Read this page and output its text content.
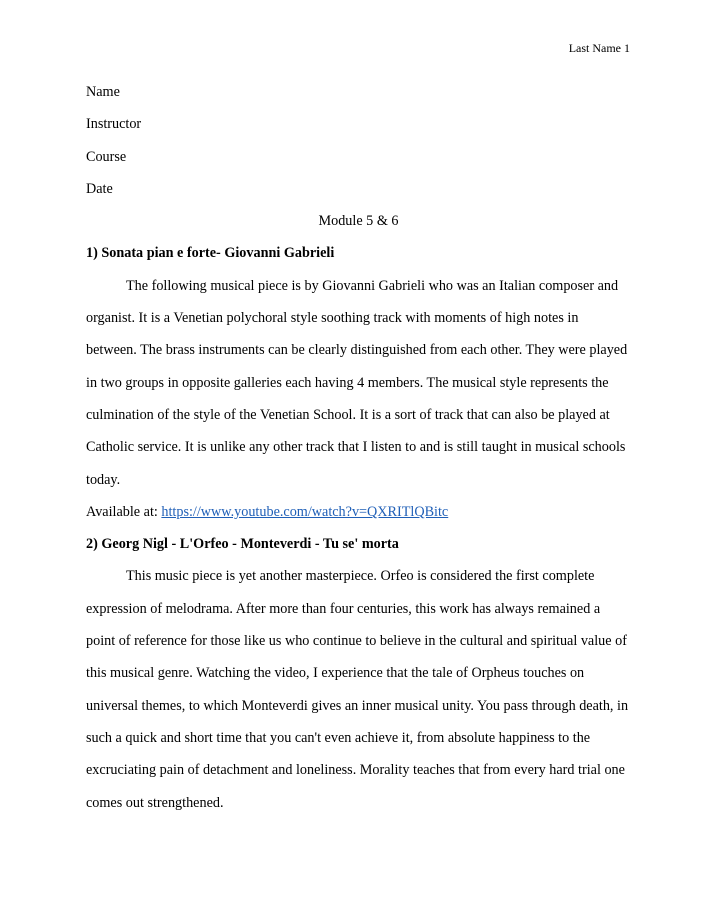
Last Name 1

Name

Instructor

Course

Date

Module 5 & 6

1) Sonata pian e forte- Giovanni Gabrieli

The following musical piece is by Giovanni Gabrieli who was an Italian composer and organist. It is a Venetian polychoral style soothing track with moments of high notes in between. The brass instruments can be clearly distinguished from each other. They were played in two groups in opposite galleries each having 4 members. The musical style represents the culmination of the style of the Venetian School. It is a sort of track that can also be played at Catholic service. It is unlike any other track that I listen to and is still taught in musical schools today.

Available at: https://www.youtube.com/watch?v=QXRITlQBitc

2) Georg Nigl - L'Orfeo - Monteverdi - Tu se' morta

This music piece is yet another masterpiece. Orfeo is considered the first complete expression of melodrama. After more than four centuries, this work has always remained a point of reference for those like us who continue to believe in the cultural and spiritual value of this musical genre. Watching the video, I experience that the tale of Orpheus touches on universal themes, to which Monteverdi gives an inner musical unity. You pass through death, in such a quick and short time that you can't even achieve it, from absolute happiness to the excruciating pain of detachment and loneliness. Morality teaches that from every hard trial one comes out strengthened.
